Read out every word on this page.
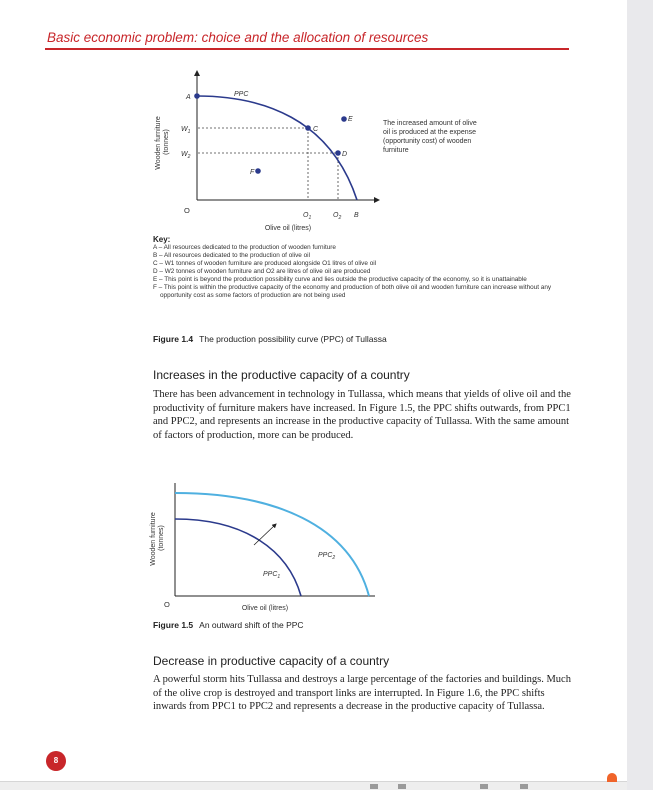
Basic economic problem: choice and the allocation of resources
PPC
A
B
C
D
E
F
$W_1$
$W_2$
$O_1$	$O_2$
O
Olive oil (litres)
Wooden furniture (tonnes)
The increased amount of olive oil is produced at the expense (opportunity cost) of wooden furniture
Key:
A – All resources dedicated to the production of wooden furniture
B – All resources dedicated to the production of olive oil
C – W1 tonnes of wooden furniture are produced alongside O1 litres of olive oil
D – W2 tonnes of wooden furniture and O2 are litres of olive oil are produced
E – This point is beyond the production possibility curve and lies outside the productive capacity of the economy, so it is unattainable
F – This point is within the productive capacity of the economy and production of both olive oil and wooden furniture can increase without any opportunity cost as some factors of production are not being used
Figure 1.4 The production possibility curve (PPC) of Tullassa
Increases in the productive capacity of a country
There has been advancement in technology in Tullassa, which means that yields of olive oil and the productivity of furniture makers have increased. In Figure 1.5, the PPC shifts outwards, from PPC1 and PPC2, and represents an increase in the productive capacity of Tullassa. With the same amount of factors of production, more can be produced.
$PPC_1$
$PPC_2$
O	Olive oil (litres)
Wooden furniture (tonnes)
Figure 1.5 An outward shift of the PPC
Decrease in productive capacity of a country
A powerful storm hits Tullassa and destroys a large percentage of the factories and buildings. Much of the olive crop is destroyed and transport links are interrupted. In Figure 1.6, the PPC shifts inwards from PPC1 to PPC2 and represents a decrease in the productive capacity of Tullassa.
8
